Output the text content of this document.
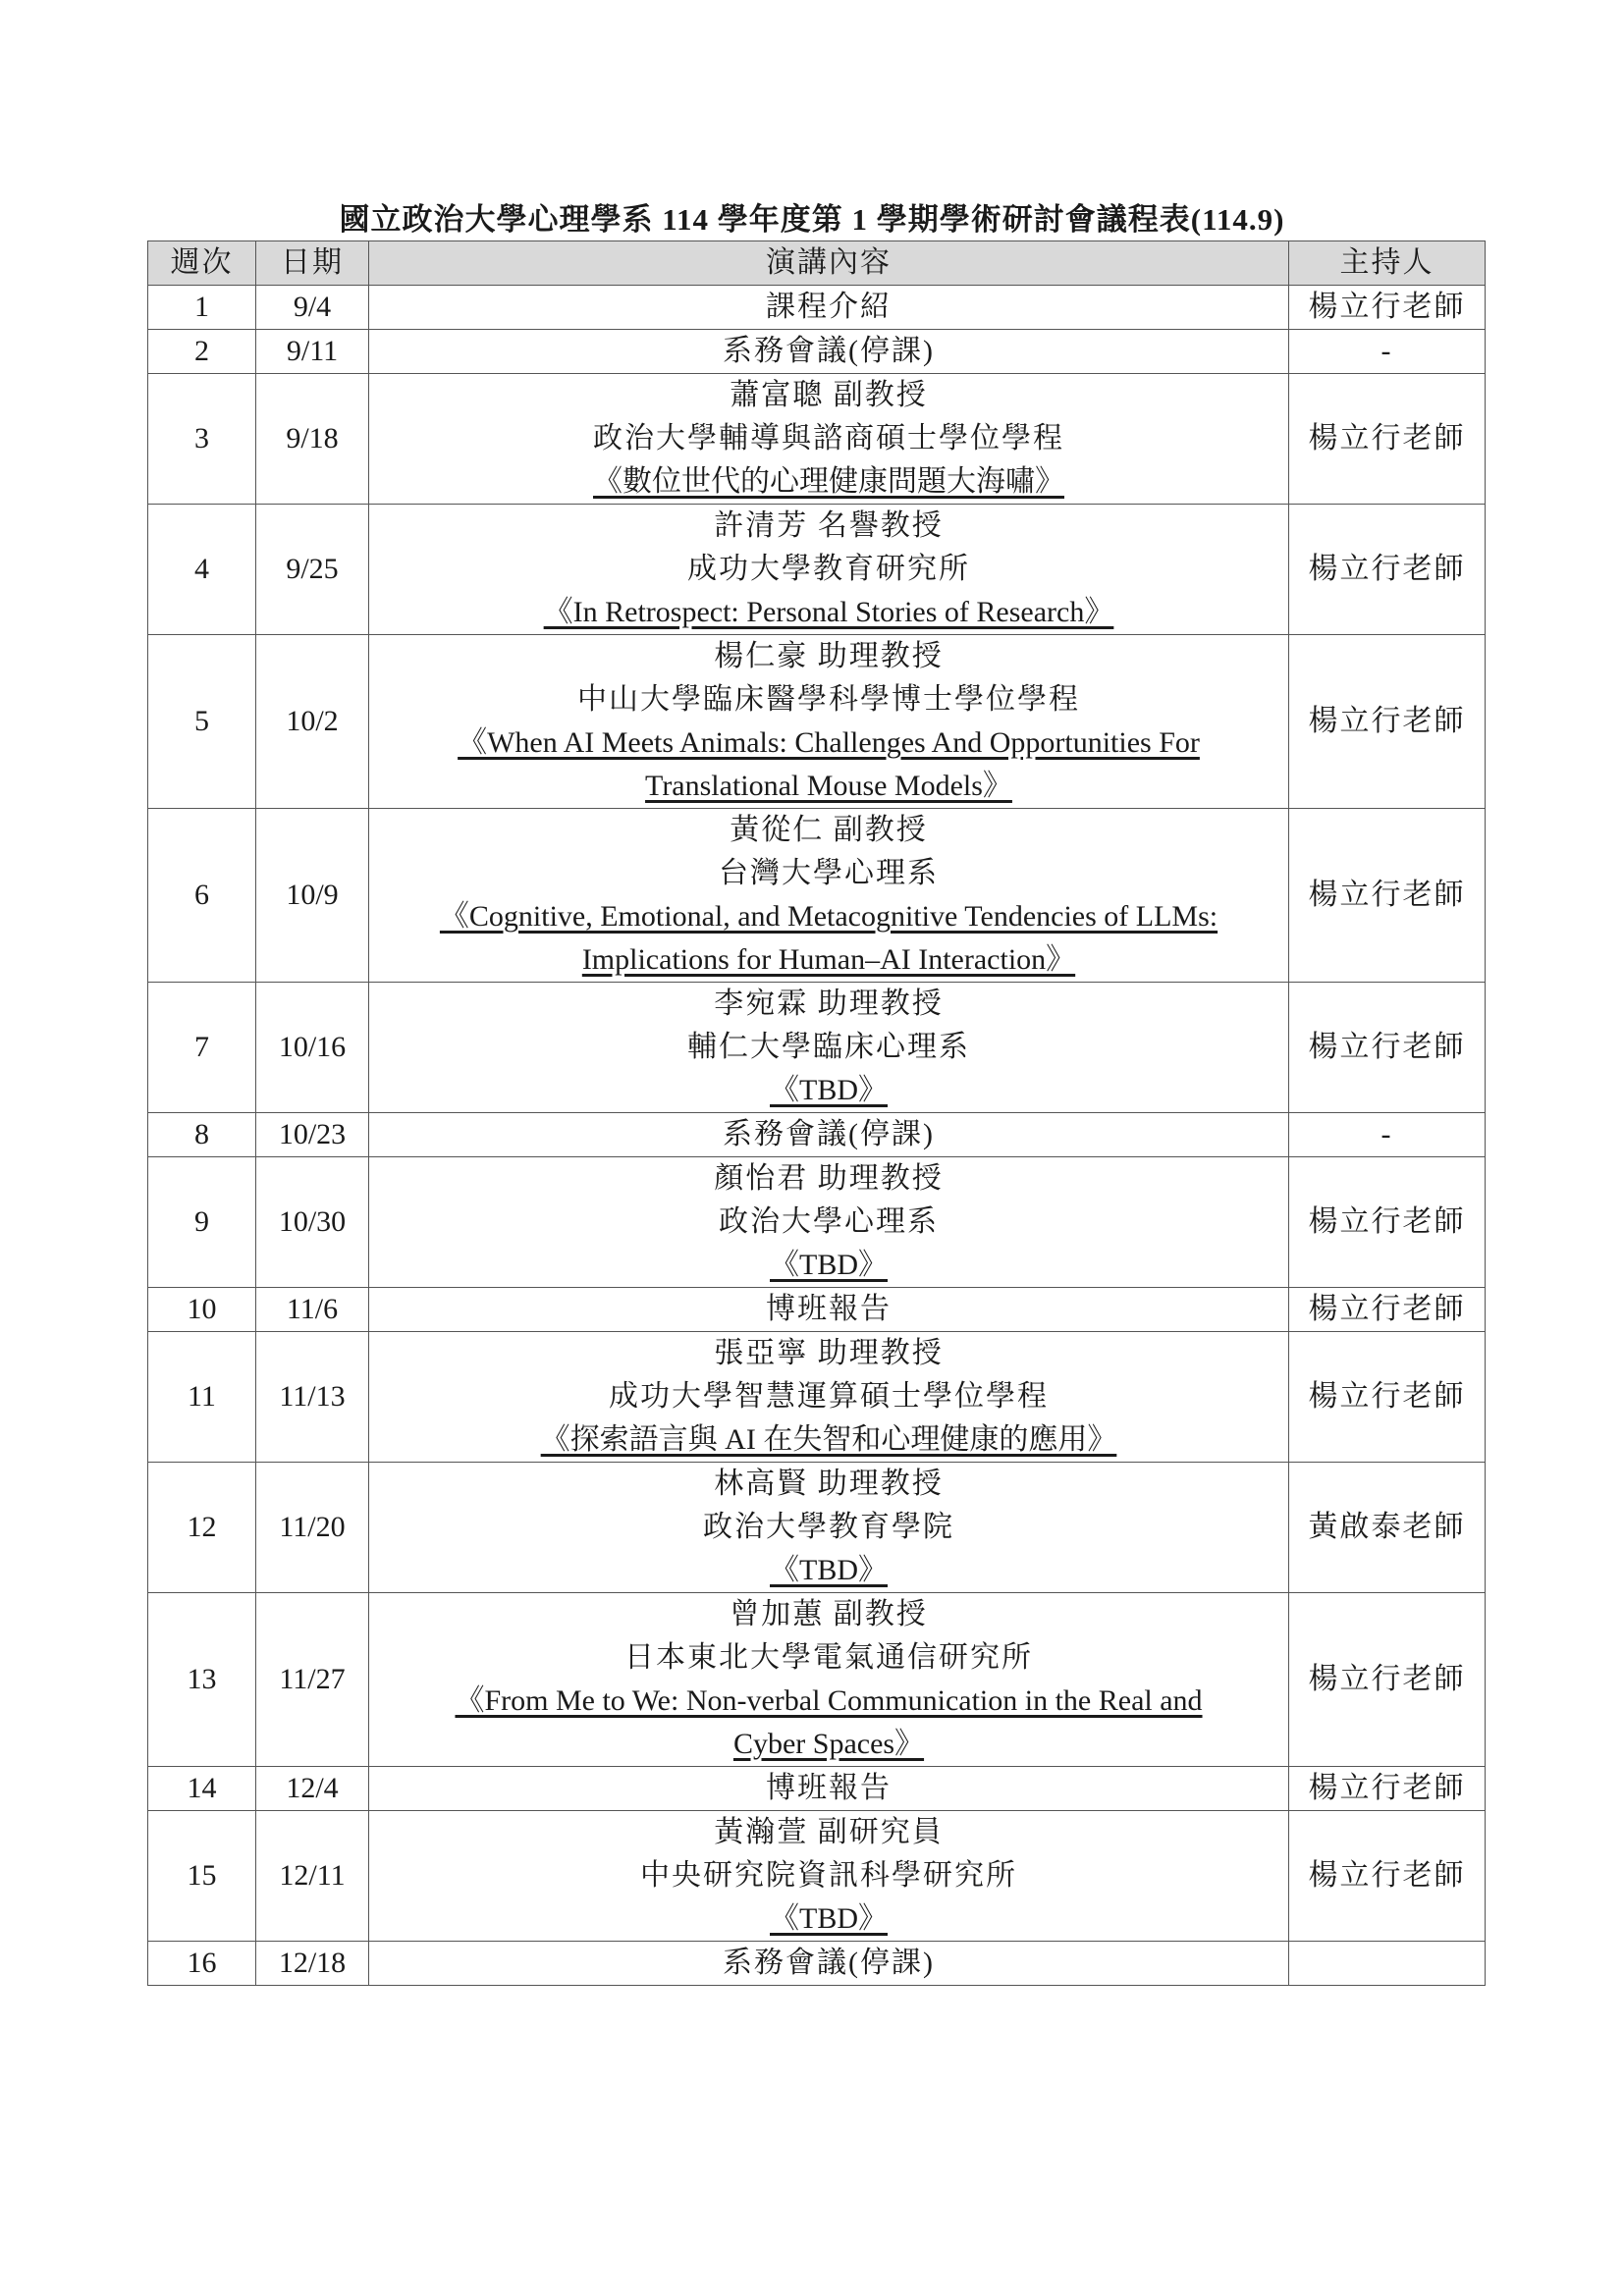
國立政治大學心理學系 114 學年度第 1 學期學術研討會議程表(114.9)
週次	日期	演講內容	主持人
1	9/4	課程介紹	楊立行老師
2	9/11	系務會議(停課)	-
3	9/18	蕭富聰 副教授
政治大學輔導與諮商碩士學位學程
《數位世代的心理健康問題大海嘯》	楊立行老師
4	9/25	許清芳 名譽教授
成功大學教育研究所
《In Retrospect: Personal Stories of Research》	楊立行老師
5	10/2	楊仁豪 助理教授
中山大學臨床醫學科學博士學位學程
《When AI Meets Animals: Challenges And Opportunities For
Translational Mouse Models》	楊立行老師
6	10/9	黃從仁 副教授
台灣大學心理系
《Cognitive, Emotional, and Metacognitive Tendencies of LLMs:
Implications for Human–AI Interaction》	楊立行老師
7	10/16	李宛霖 助理教授
輔仁大學臨床心理系
《TBD》	楊立行老師
8	10/23	系務會議(停課)	-
9	10/30	顏怡君 助理教授
政治大學心理系
《TBD》	楊立行老師
10	11/6	博班報告	楊立行老師
11	11/13	張亞寧 助理教授
成功大學智慧運算碩士學位學程
《探索語言與 AI 在失智和心理健康的應用》	楊立行老師
12	11/20	林高賢 助理教授
政治大學教育學院
《TBD》	黃啟泰老師
13	11/27	曾加蕙 副教授
日本東北大學電氣通信研究所
《From Me to We: Non-verbal Communication in the Real and
Cyber Spaces》	楊立行老師
14	12/4	博班報告	楊立行老師
15	12/11	黃瀚萱 副研究員
中央研究院資訊科學研究所
《TBD》	楊立行老師
16	12/18	系務會議(停課)	
